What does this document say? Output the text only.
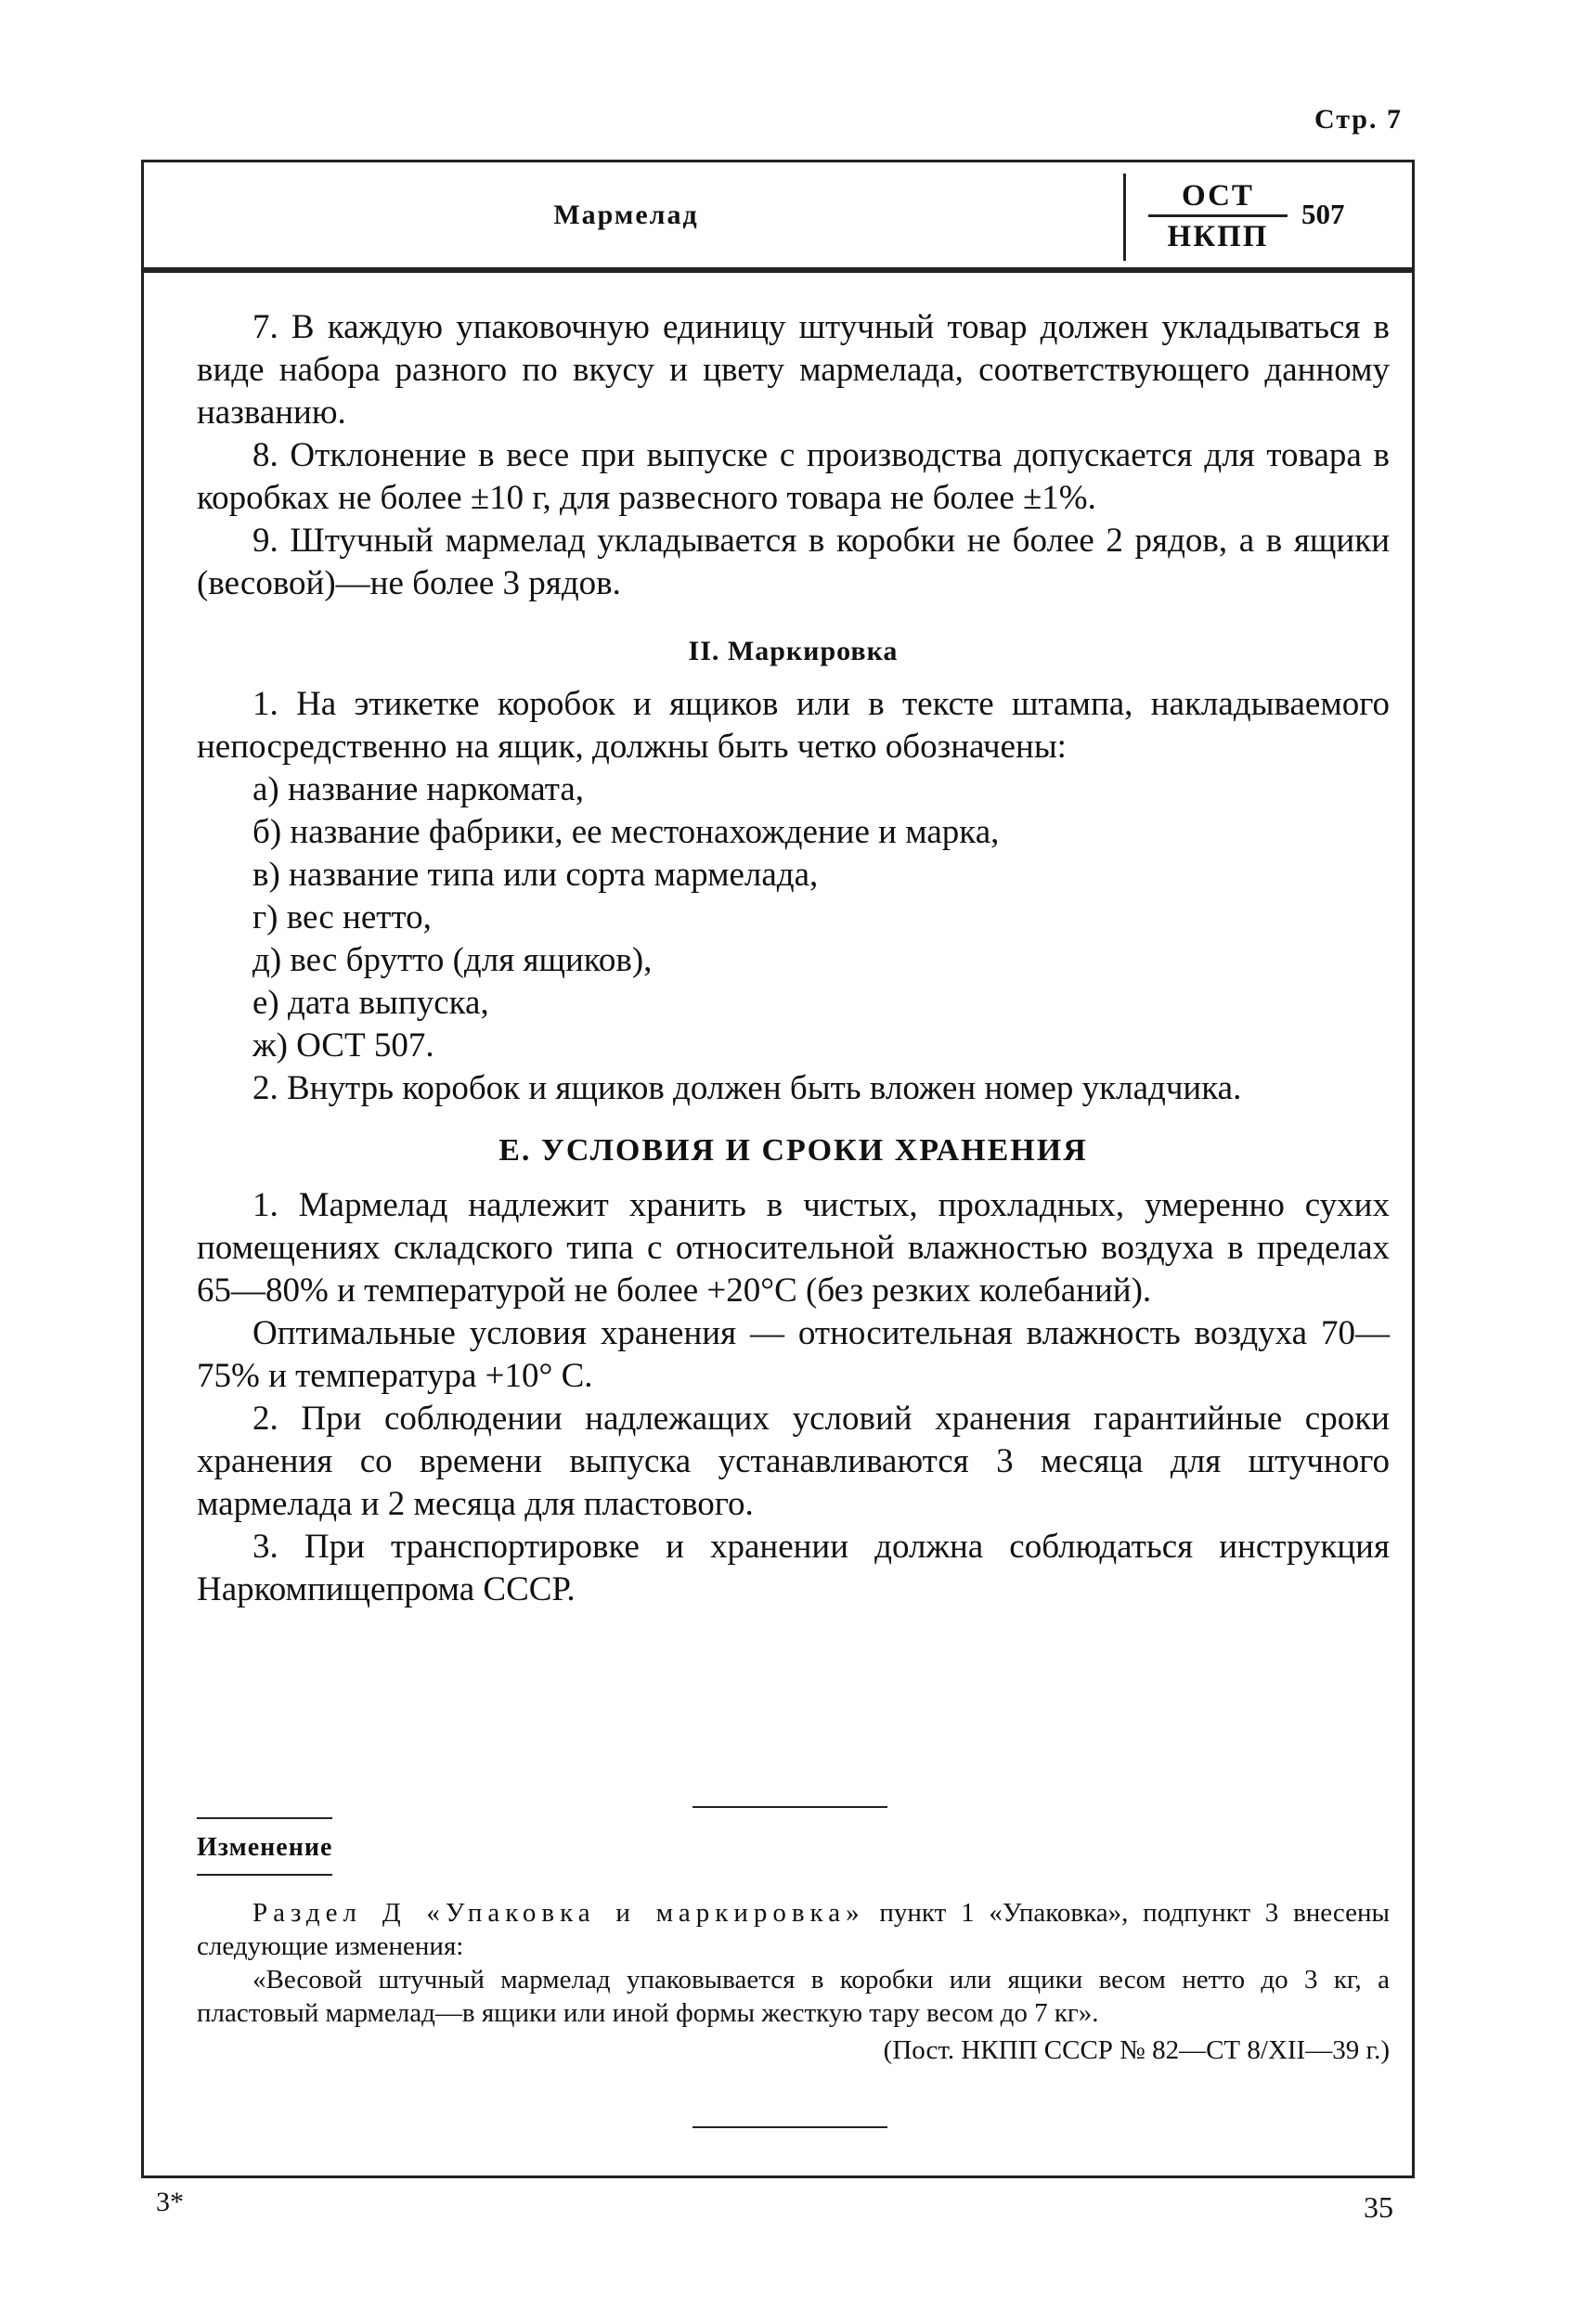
Стр. 7
Мармелад
ОСТ
НКПП
507

7. В каждую упаковочную единицу штучный товар должен укладываться в виде набора разного по вкусу и цвету мармелада, соответствующего данному названию.

8. Отклонение в весе при выпуске с производства допускается для товара в коробках не более ±10 г, для развесного товара не более ±1%.

9. Штучный мармелад укладывается в коробки не более 2 рядов, а в ящики (весовой)—не более 3 рядов.

II. Маркировка

1. На этикетке коробок и ящиков или в тексте штампа, накладываемого непосредственно на ящик, должны быть четко обозначены:

а) название наркомата,

б) название фабрики, ее местонахождение и марка,

в) название типа или сорта мармелада,

г) вес нетто,

д) вес брутто (для ящиков),

е) дата выпуска,

ж) ОСТ 507.

2. Внутрь коробок и ящиков должен быть вложен номер укладчика.

Е. УСЛОВИЯ И СРОКИ ХРАНЕНИЯ

1. Мармелад надлежит хранить в чистых, прохладных, умеренно сухих помещениях складского типа с относительной влажностью воздуха в пределах 65—80% и температурой не более +20°С (без резких колебаний).

Оптимальные условия хранения — относительная влажность воздуха 70—75% и температура +10° С.

2. При соблюдении надлежащих условий хранения гарантийные сроки хранения со времени выпуска устанавливаются 3 месяца для штучного мармелада и 2 месяца для пластового.

3. При транспортировке и хранении должна соблюдаться инструкция Наркомпищепрома СССР.

Изменение

Раздел Д «Упаковка и маркировка» пункт 1 «Упаковка», подпункт 3 внесены следующие изменения:

«Весовой штучный мармелад упаковывается в коробки или ящики весом нетто до 3 кг, а пластовый мармелад—в ящики или иной формы жесткую тару весом до 7 кг».

(Пост. НКПП СССР № 82—СТ 8/XII—39 г.)

3*	35
